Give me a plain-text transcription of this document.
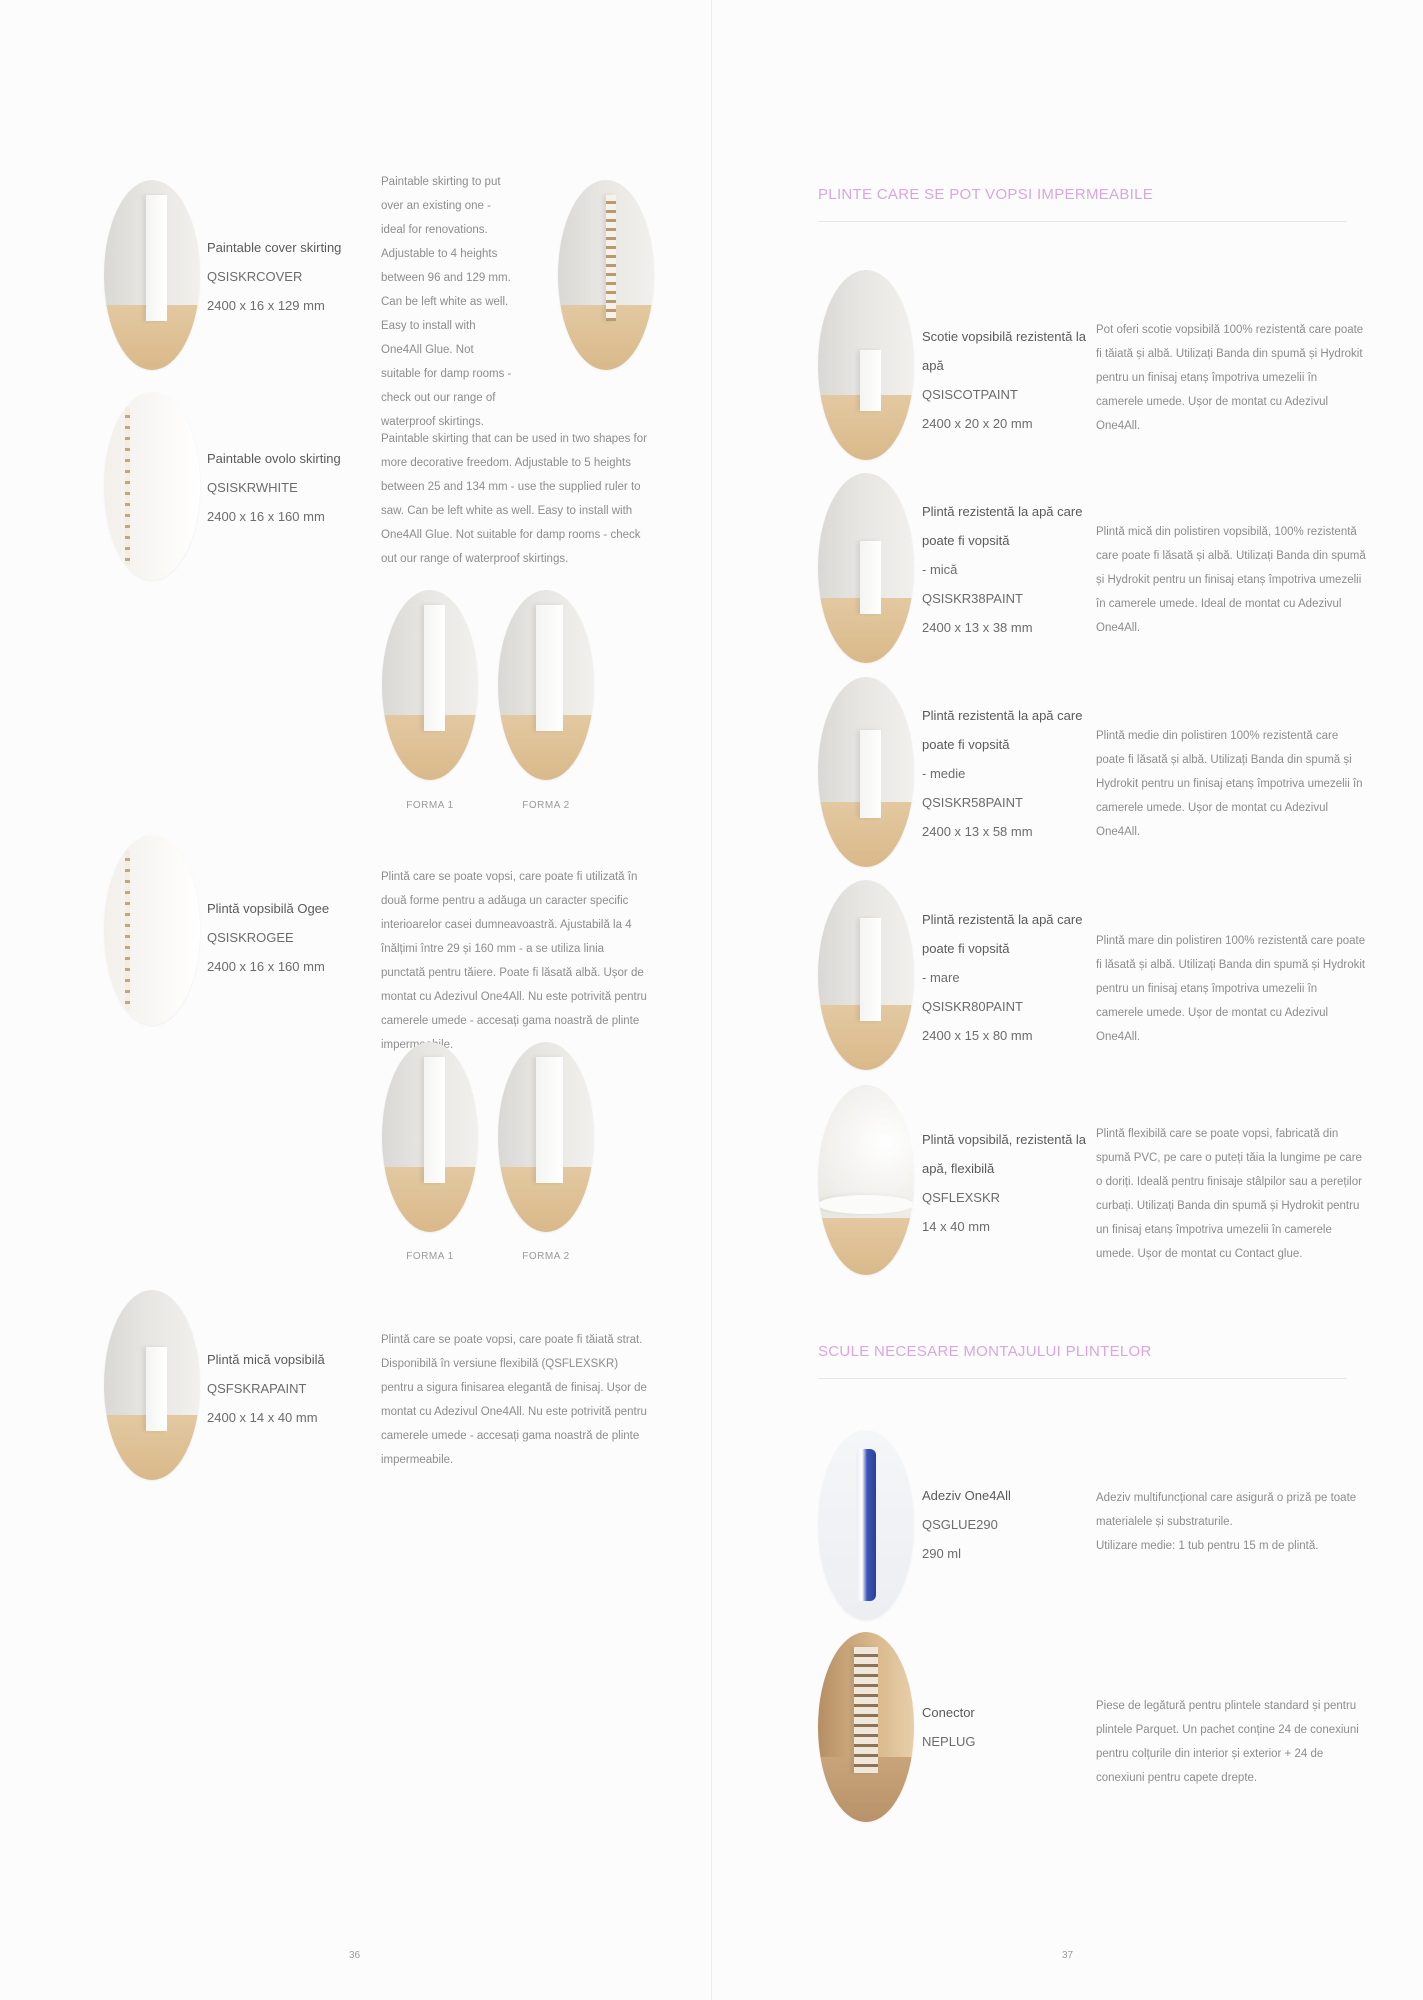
Paintable cover skirting
QSISKRCOVER
2400 x 16 x 129 mm
Paintable skirting to put over an existing one - ideal for renovations. Adjustable to 4 heights between 96 and 129 mm. Can be left white as well. Easy to install with One4All Glue. Not suitable for damp rooms - check out our range of waterproof skirtings.
Paintable ovolo skirting
QSISKRWHITE
2400 x 16 x 160 mm
Paintable skirting that can be used in two shapes for more decorative freedom. Adjustable to 5 heights between 25 and 134 mm - use the supplied ruler to saw. Can be left white as well. Easy to install with One4All Glue. Not suitable for damp rooms - check out our range of waterproof skirtings.
FORMA 1	FORMA 2
Plintă vopsibilă Ogee
QSISKROGEE
2400 x 16 x 160 mm
Plintă care se poate vopsi, care poate fi utilizată în două forme pentru a adăuga un caracter specific interioarelor casei dumneavoastră. Ajustabilă la 4 înălțimi între 29 și 160 mm - a se utiliza linia punctată pentru tăiere. Poate fi lăsată albă. Ușor de montat cu Adezivul One4All. Nu este potrivită pentru camerele umede - accesați gama noastră de plinte
FORMA 1	FORMA 2
Plintă mică vopsibilă
QSFSKRAPAINT
2400 x 14 x 40 mm
Plintă care se poate vopsi, care poate fi tăiată strat. Disponibilă în versiune flexibilă (QSFLEXSKR) pentru a sigura finisarea elegantă de finisaj. Ușor de montat cu Adezivul One4All. Nu este potrivită pentru camerele umede - accesați gama noastră de plinte impermeabile.
36
PLINTE CARE SE POT VOPSI IMPERMEABILE
Scotie vopsibilă rezistentă la apă
QSISCOTPAINT
2400 x 20 x 20 mm
Pot oferi scotie vopsibilă 100% rezistentă care poate fi tăiată și albă. Utilizați Banda din spumă și Hydrokit pentru un finisaj etanș împotriva umezelii în camerele umede. Ușor de montat cu Adezivul One4All.
Plintă rezistentă la apă care poate fi vopsită
- mică
QSISKR38PAINT
2400 x 13 x 38 mm
Plintă mică din polistiren vopsibilă, 100% rezistentă care poate fi lăsată și albă. Utilizați Banda din spumă și Hydrokit pentru un finisaj etanș împotriva umezelii în camerele umede. Ideal de montat cu Adezivul One4All.
Plintă rezistentă la apă care poate fi vopsită
- medie
QSISKR58PAINT
2400 x 13 x 58 mm
Plintă medie din polistiren 100% rezistentă care poate fi lăsată și albă. Utilizați Banda din spumă și Hydrokit pentru un finisaj etanș împotriva umezelii în camerele umede. Ușor de montat cu Adezivul One4All.
Plintă rezistentă la apă care poate fi vopsită
- mare
QSISKR80PAINT
2400 x 15 x 80 mm
Plintă mare din polistiren 100% rezistentă care poate fi lăsată și albă. Utilizați Banda din spumă și Hydrokit pentru un finisaj etanș împotriva umezelii în camerele umede. Ușor de montat cu Adezivul One4All.
Plintă vopsibilă, rezistentă la apă, flexibilă
QSFLEXSKR
14 x 40 mm
Plintă flexibilă care se poate vopsi, fabricată din spumă PVC, pe care o puteți tăia la lungime pe care o doriți. Ideală pentru finisaje stâlpilor sau a pereților curbați. Utilizați Banda din spumă și Hydrokit pentru un finisaj etanș împotriva umezelii în camerele umede. Ușor de montat cu Contact glue.
SCULE NECESARE MONTAJULUI PLINTELOR
Adeziv One4All
QSGLUE290
290 ml
Adeziv multifuncțional care asigură o priză pe toate materialele și substraturile.
Utilizare medie: 1 tub pentru 15 m de plintă.
Conector
NEPLUG
Piese de legătură pentru plintele standard și pentru plintele Parquet. Un pachet conține 24 de conexiuni pentru colțurile din interior și exterior + 24 de conexiuni pentru capete drepte.
37
